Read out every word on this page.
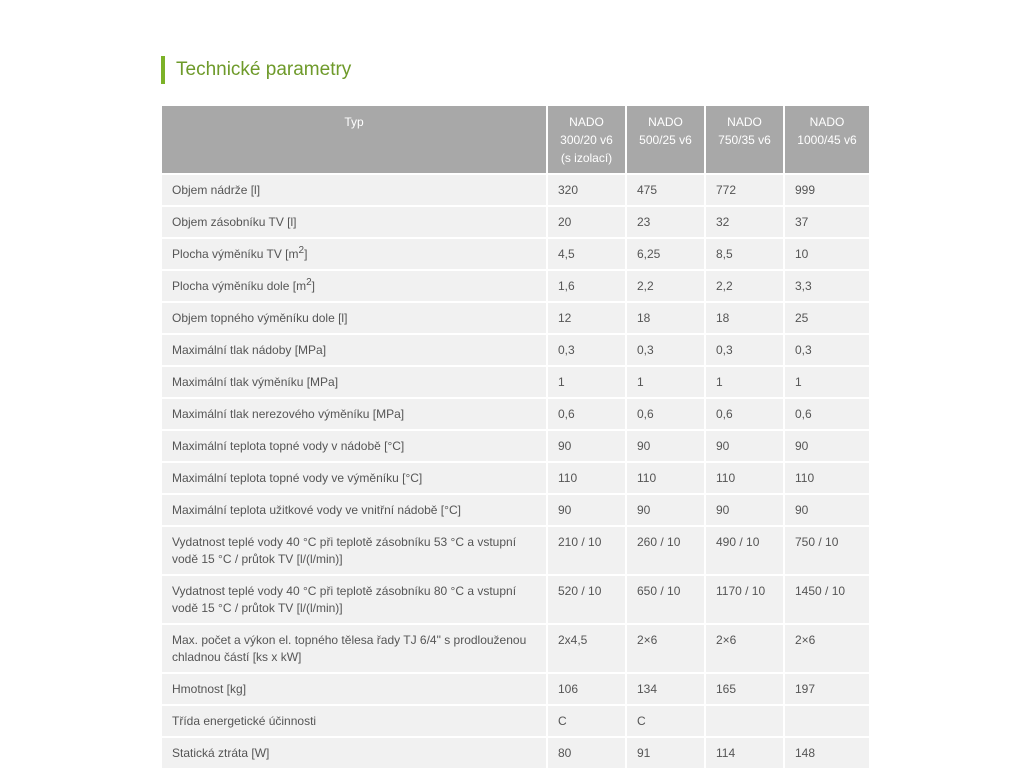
Technické parametry
Typ	NADO 300/20 v6 (s izolací)	NADO 500/25 v6	NADO 750/35 v6	NADO 1000/45 v6
Objem nádrže [l]	320	475	772	999
Objem zásobníku TV [l]	20	23	32	37
Plocha výměníku TV $[m^2]$	4,5	6,25	8,5	10
Plocha výměníku dole $[m^2]$	1,6	2,2	2,2	3,3
Objem topného výměníku dole [l]	12	18	18	25
Maximální tlak nádoby [MPa]	0,3	0,3	0,3	0,3
Maximální tlak výměníku [MPa]	1	1	1	1
Maximální tlak nerezového výměníku [MPa]	0,6	0,6	0,6	0,6
Maximální teplota topné vody v nádobě [°C]	90	90	90	90
Maximální teplota topné vody ve výměníku [°C]	110	110	110	110
Maximální teplota užitkové vody ve vnitřní nádobě [°C]	90	90	90	90
Vydatnost teplé vody 40 °C při teplotě zásobníku 53 °C a vstupní vodě 15 °C / průtok TV [l/(l/min)]	210 / 10	260 / 10	490 / 10	750 / 10
Vydatnost teplé vody 40 °C při teplotě zásobníku 80 °C a vstupní vodě 15 °C / průtok TV [l/(l/min)]	520 / 10	650 / 10	1170 / 10	1450 / 10
Max. počet a výkon el. topného tělesa řady TJ 6/4" s prodlouženou chladnou částí [ks x kW]	2x4,5	2×6	2×6	2×6
Hmotnost [kg]	106	134	165	197
Třída energetické účinnosti	C	C		
Statická ztráta [W]	80	91	114	148
